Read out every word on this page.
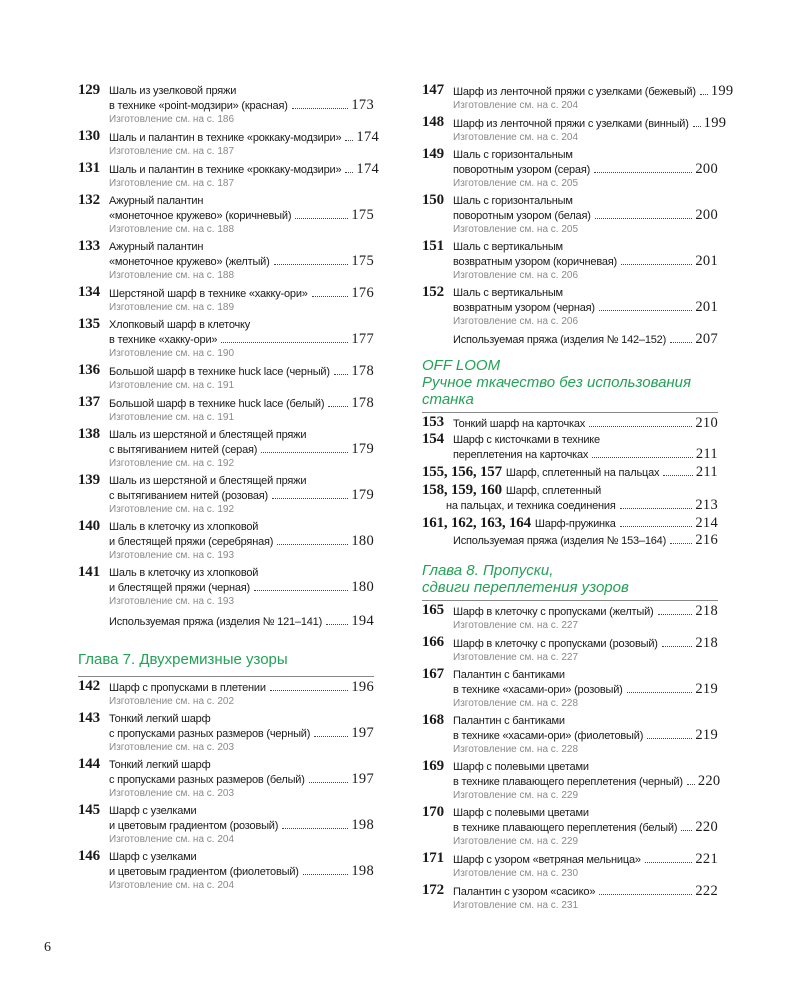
129 Шаль из узелковой пряжи
в технике «point-модзири» (красная)	173
Изготовление см. на с. 186
130 Шаль и палантин в технике «роккаку-модзири» 174
Изготовление см. на с. 187
131 Шаль и палантин в технике «роккаку-модзири» 174
Изготовление см. на с. 187
132 Ажурный палантин
«монеточное кружево» (коричневый)	175
Изготовление см. на с. 188
133 Ажурный палантин
«монеточное кружево» (желтый)	175
Изготовление см. на с. 188
134 Шерстяной шарф в технике «хакку-ори»	176
Изготовление см. на с. 189
135 Хлопковый шарф в клеточку
в технике «хакку-ори»	177
Изготовление см. на с. 190
136 Большой шарф в технике huck lace (черный) 178
Изготовление см. на с. 191
137 Большой шарф в технике huck lace (белый) 178
Изготовление см. на с. 191
138 Шаль из шерстяной и блестящей пряжи
с вытягиванием нитей (серая)	179
Изготовление см. на с. 192
139 Шаль из шерстяной и блестящей пряжи
с вытягиванием нитей (розовая)	179
Изготовление см. на с. 192
140 Шаль в клеточку из хлопковой
и блестящей пряжи (серебряная)	180
Изготовление см. на с. 193
141 Шаль в клеточку из хлопковой
и блестящей пряжи (черная)	180
Изготовление см. на с. 193
Используемая пряжа (изделия № 121–141) 194
Глава 7. Двухремизные узоры
142 Шарф с пропусками в плетении	196
Изготовление см. на с. 202
143 Тонкий легкий шарф
с пропусками разных размеров (черный)	197
Изготовление см. на с. 203
144 Тонкий легкий шарф
с пропусками разных размеров (белый)	197
Изготовление см. на с. 203
145 Шарф с узелками
и цветовым градиентом (розовый)	198
Изготовление см. на с. 204
146 Шарф с узелками
и цветовым градиентом (фиолетовый)	198
Изготовление см. на с. 204
147 Шарф из ленточной пряжи с узелками (бежевый) 199
Изготовление см. на с. 204
148 Шарф из ленточной пряжи с узелками (винный) 199
Изготовление см. на с. 204
149 Шаль с горизонтальным
поворотным узором (серая)	200
Изготовление см. на с. 205
150 Шаль с горизонтальным
поворотным узором (белая)	200
Изготовление см. на с. 205
151 Шаль с вертикальным
возвратным узором (коричневая)	201
Изготовление см. на с. 206
152 Шаль с вертикальным
возвратным узором (черная)	201
Изготовление см. на с. 206
Используемая пряжа (изделия № 142–152) 207
OFF LOOM
Ручное ткачество без использования станка
153 Тонкий шарф на карточках	210
154 Шарф с кисточками в технике
переплетения на карточках	211
155, 156, 157 Шарф, сплетенный на пальцах	211
158, 159, 160 Шарф, сплетенный
на пальцах, и техника соединения	213
161, 162, 163, 164 Шарф-пружинка	214
Используемая пряжа (изделия № 153–164) 216
Глава 8. Пропуски,
сдвиги переплетения узоров
165 Шарф в клеточку с пропусками (желтый)	218
Изготовление см. на с. 227
166 Шарф в клеточку с пропусками (розовый)	218
Изготовление см. на с. 227
167 Палантин с бантиками
в технике «хасами-ори» (розовый)	219
Изготовление см. на с. 228
168 Палантин с бантиками
в технике «хасами-ори» (фиолетовый)	219
Изготовление см. на с. 228
169 Шарф с полевыми цветами
в технике плавающего переплетения (черный) 220
Изготовление см. на с. 229
170 Шарф с полевыми цветами
в технике плавающего переплетения (белый) 220
Изготовление см. на с. 229
171 Шарф с узором «ветряная мельница»	221
Изготовление см. на с. 230
172 Палантин с узором «сасико»	222
Изготовление см. на с. 231
6
